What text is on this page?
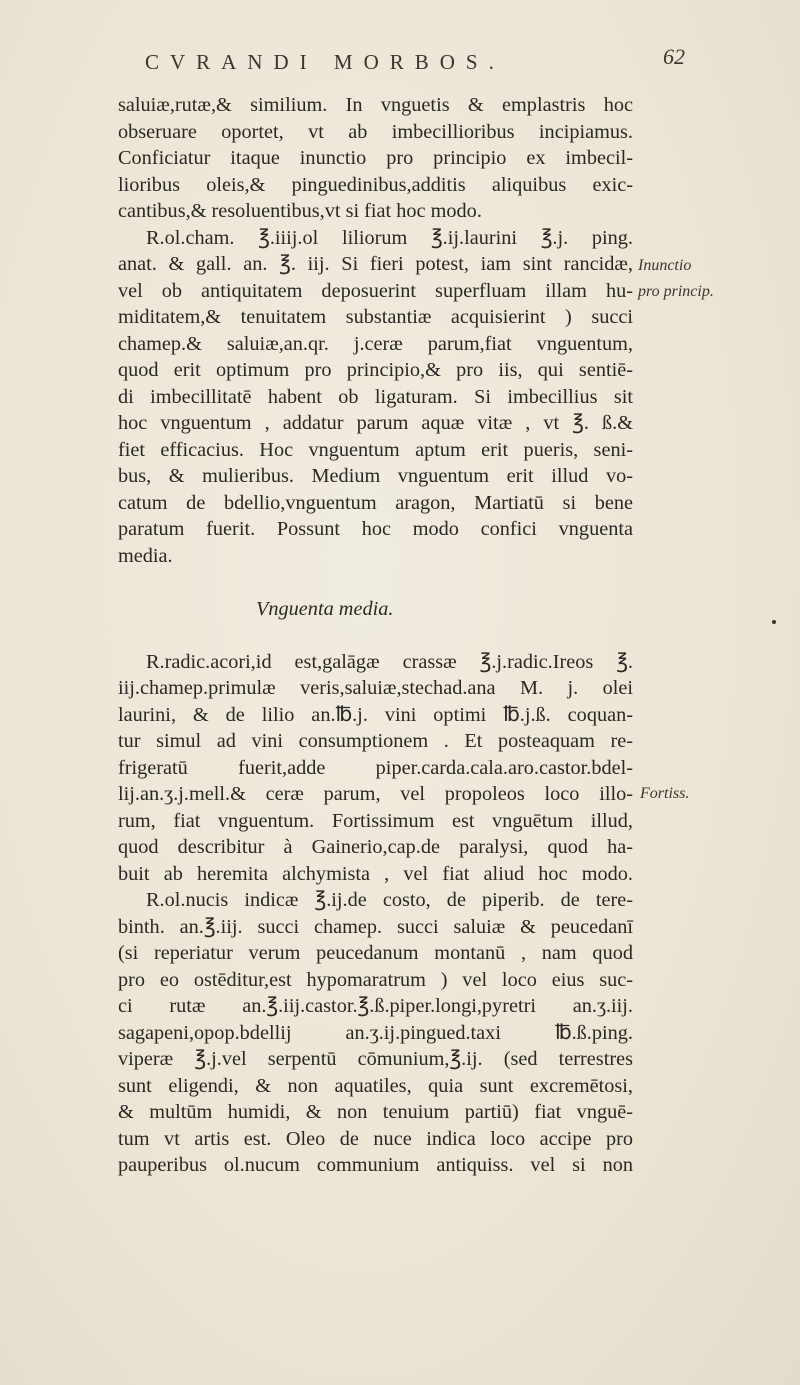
CVRANDI MORBOS.	62
saluiæ,rutæ,& similium. In vnguetis & emplastris hoc
obseruare oportet, vt ab imbecillioribus incipiamus.
Conficiatur itaque inunctio pro principio ex imbecil-
lioribus oleis,& pinguedinibus,additis aliquibus exic-
cantibus,& resoluentibus,vt si fiat hoc modo.
R.ol.cham. ℥.iiij.ol liliorum ℥.ij.laurini ℥.j. ping.
anat. & gall. an. ℥. iij. Si fieri potest, iam sint rancidæ,
vel ob antiquitatem deposuerint superfluam illam hu-
miditatem,& tenuitatem substantiæ acquisierint ) succi
chamep.& saluiæ,an.qr. j.ceræ parum,fiat vnguentum,
quod erit optimum pro principio,& pro iis, qui sentiē-
di imbecillitatē habent ob ligaturam. Si imbecillius sit
hoc vnguentum , addatur parum aquæ vitæ , vt ℥. ß.&
fiet efficacius. Hoc vnguentum aptum erit pueris, seni-
bus, & mulieribus. Medium vnguentum erit illud vo-
catum de bdellio,vnguentum aragon, Martiatū si bene
paratum fuerit. Possunt hoc modo confici vnguenta
media.
Vnguenta media.
R.radic.acori,id est,galāgæ crassæ ℥.j.radic.Ireos ℥.
iij.chamep.primulæ veris,saluiæ,stechad.ana M. j. olei
laurini, & de lilio an.℔.j. vini optimi ℔.j.ß. coquan-
tur simul ad vini consumptionem . Et posteaquam re-
frigeratū fuerit,adde piper.carda.cala.aro.castor.bdel-
lij.an.ʒ.j.mell.& ceræ parum, vel propoleos loco illo-
rum, fiat vnguentum. Fortissimum est vnguētum illud,
quod describitur à Gainerio,cap.de paralysi, quod ha-
buit ab heremita alchymista , vel fiat aliud hoc modo.
R.ol.nucis indicæ ℥.ij.de costo, de piperib. de tere-
binth. an.℥.iij. succi chamep. succi saluiæ & peucedanī
(si reperiatur verum peucedanum montanū , nam quod
pro eo ostēditur,est hypomaratrum ) vel loco eius suc-
ci rutæ an.℥.iij.castor.℥.ß.piper.longi,pyretri an.ʒ.iij.
sagapeni,opop.bdellij an.ʒ.ij.pingued.taxi ℔.ß.ping.
viperæ ℥.j.vel serpentū cōmunium,℥.ij. (sed terrestres
sunt eligendi, & non aquatiles, quia sunt excremētosi,
& multūm humidi, & non tenuium partiū) fiat vnguē-
tum vt artis est. Oleo de nuce indica loco accipe pro
pauperibus ol.nucum communium antiquiss. vel si non
Inunctio
pro princip.
Fortiss.
